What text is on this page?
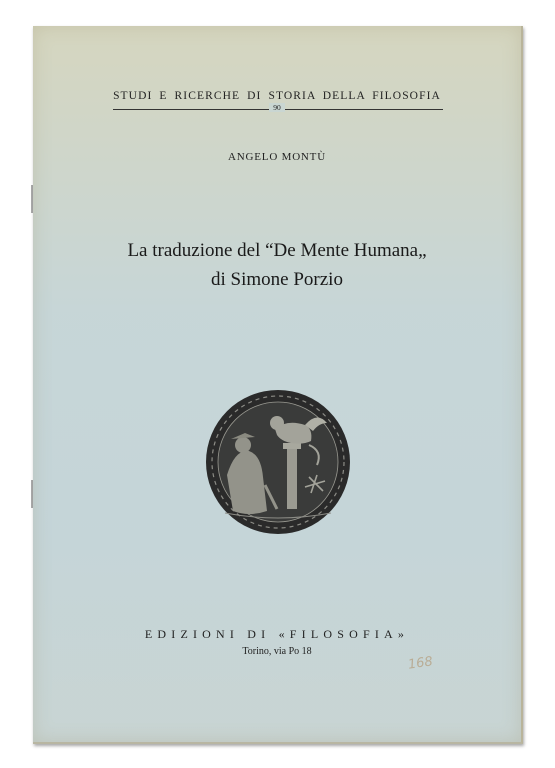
STUDI E RICERCHE DI STORIA DELLA FILOSOFIA
90
ANGELO MONTÙ
La traduzione del “De Mente Humana„
di Simone Porzio
EDIZIONI DI «FILOSOFIA»
Torino, via Po 18
168
